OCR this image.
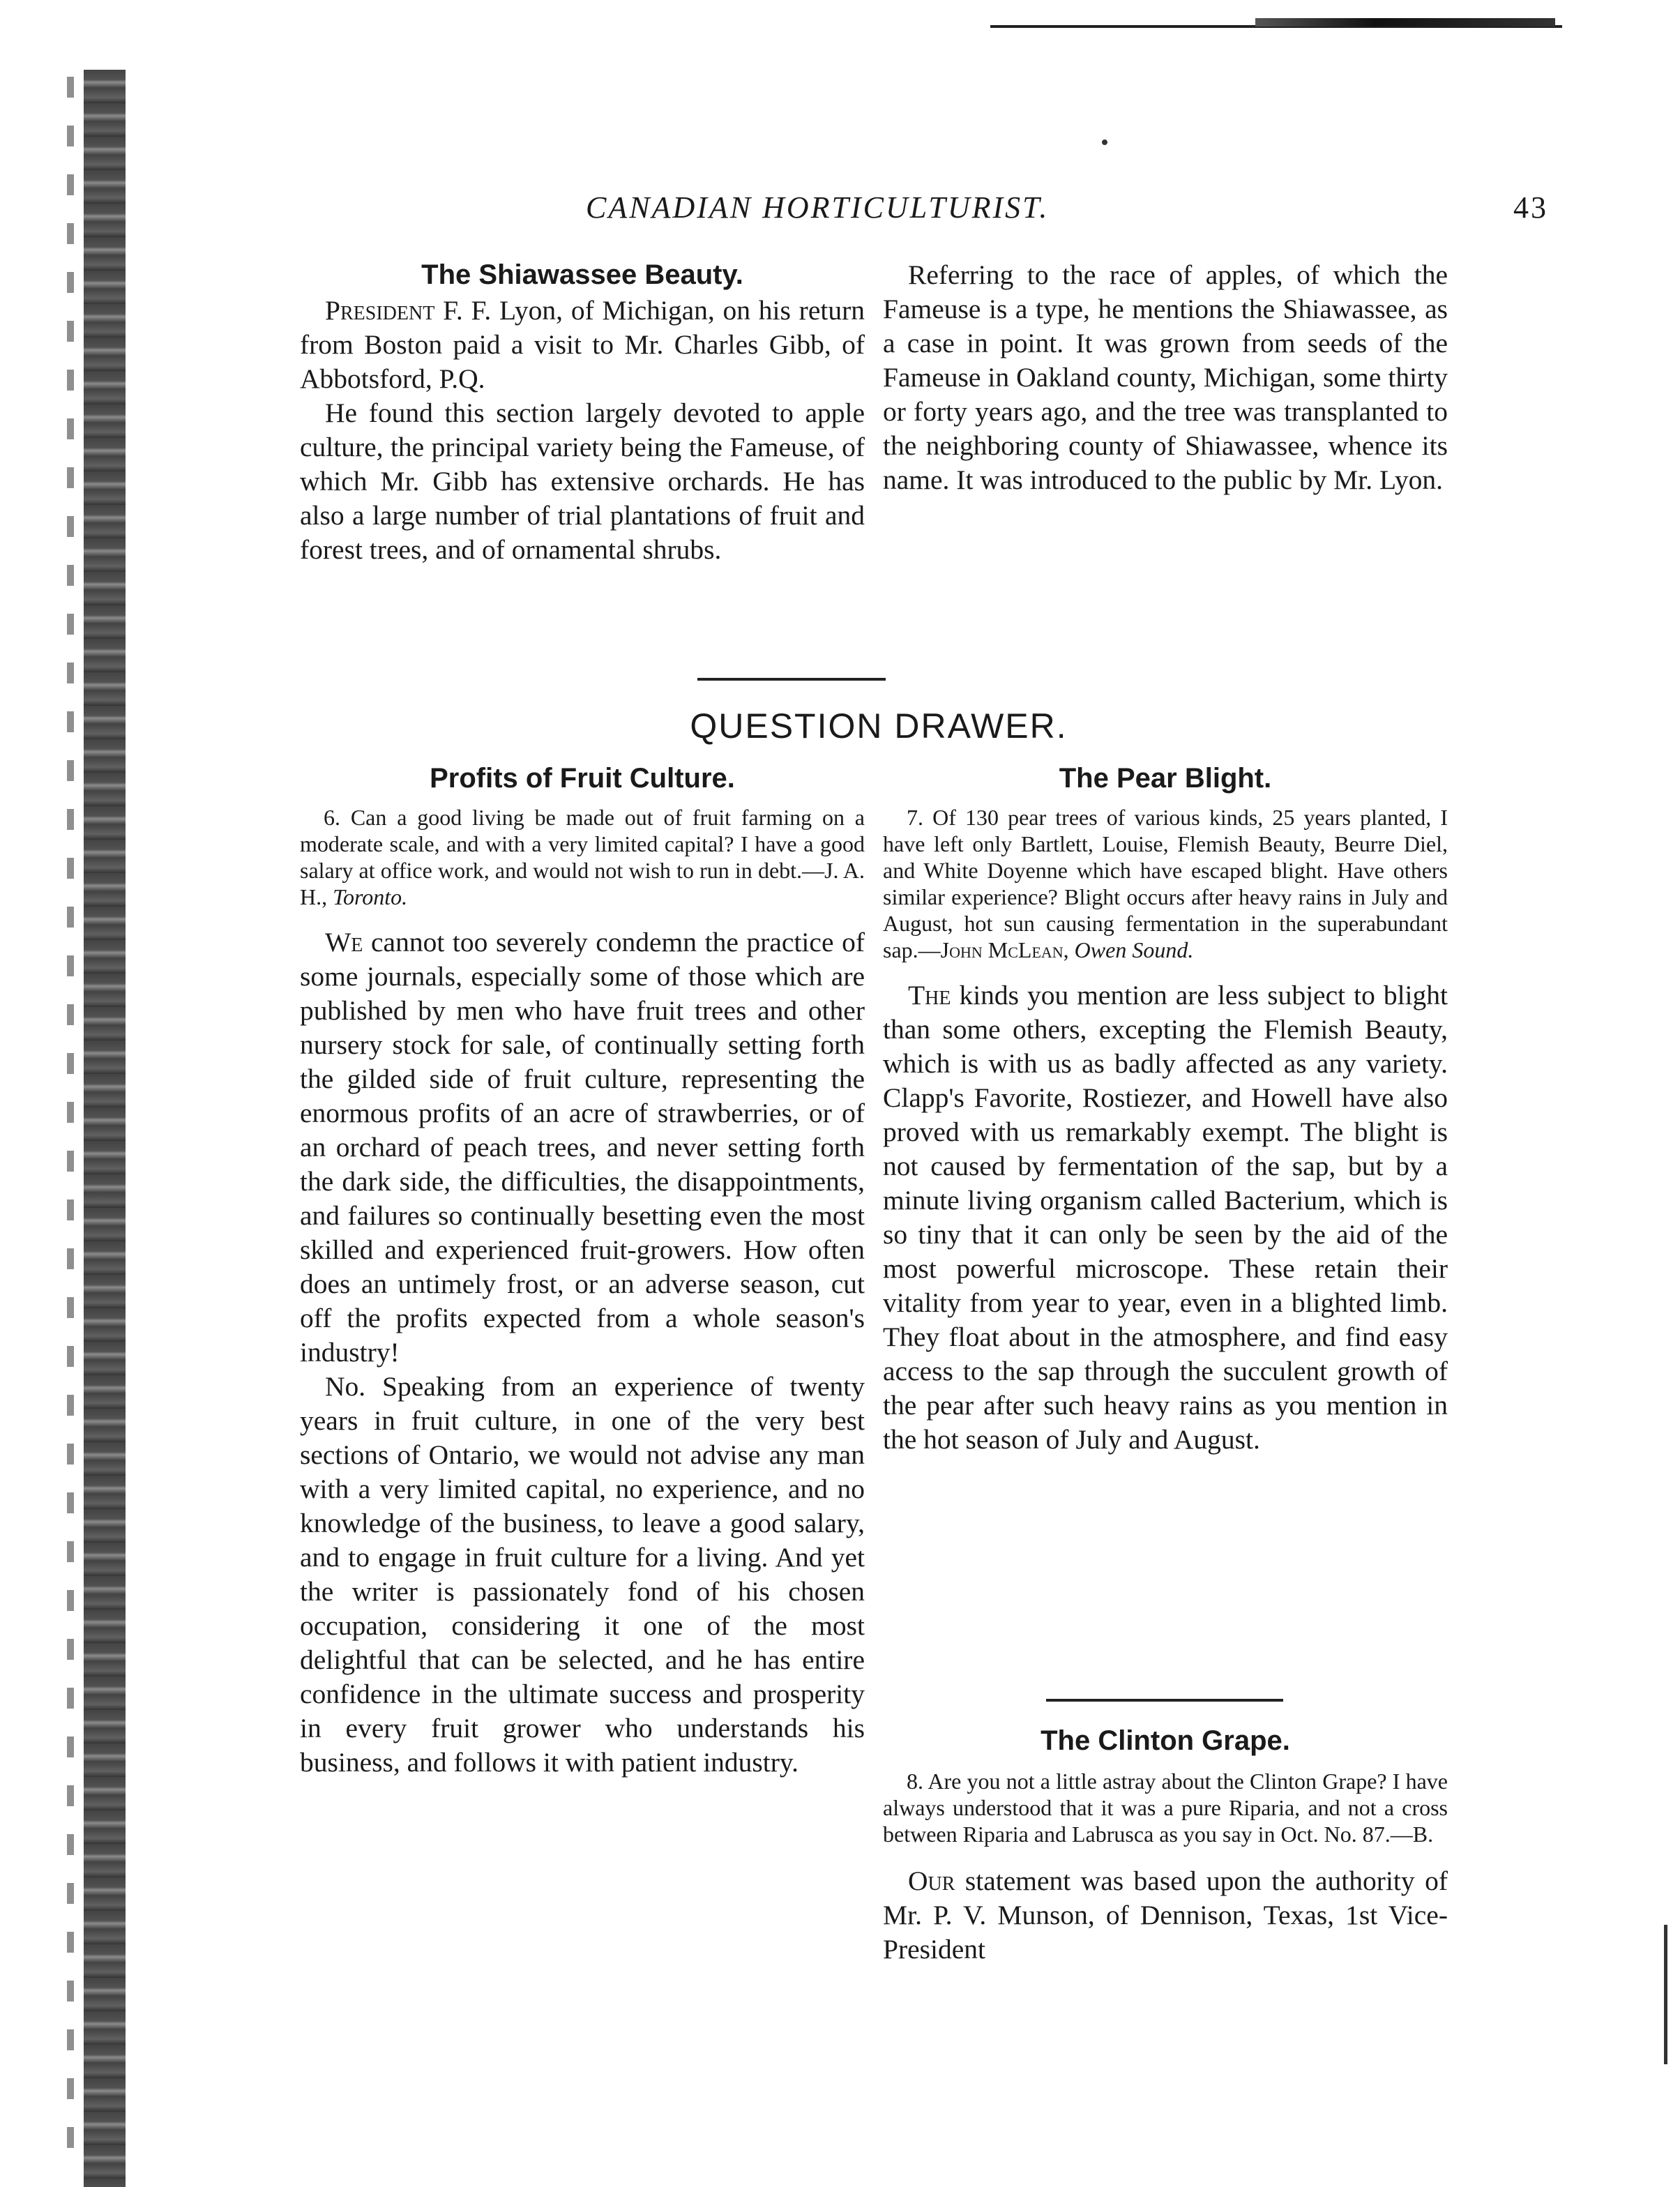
CANADIAN HORTICULTURIST.	43
The Shiawassee Beauty.

President F. F. Lyon, of Michigan, on his return from Boston paid a visit to Mr. Charles Gibb, of Abbotsford, P.Q.

He found this section largely devoted to apple culture, the principal variety being the Fameuse, of which Mr. Gibb has extensive orchards. He has also a large number of trial plantations of fruit and forest trees, and of ornamental shrubs.

Referring to the race of apples, of which the Fameuse is a type, he mentions the Shiawassee, as a case in point. It was grown from seeds of the Fameuse in Oakland county, Michigan, some thirty or forty years ago, and the tree was transplanted to the neighboring county of Shiawassee, whence its name. It was introduced to the public by Mr. Lyon.

QUESTION DRAWER.
Profits of Fruit Culture.

6. Can a good living be made out of fruit farming on a moderate scale, and with a very limited capital? I have a good salary at office work, and would not wish to run in debt.—J. A. H., Toronto.

We cannot too severely condemn the practice of some journals, especially some of those which are published by men who have fruit trees and other nursery stock for sale, of continually setting forth the gilded side of fruit culture, representing the enormous profits of an acre of strawberries, or of an orchard of peach trees, and never setting forth the dark side, the difficulties, the disappointments, and failures so continually besetting even the most skilled and experienced fruit-growers. How often does an untimely frost, or an adverse season, cut off the profits expected from a whole season's industry!

No. Speaking from an experience of twenty years in fruit culture, in one of the very best sections of Ontario, we would not advise any man with a very limited capital, no experience, and no knowledge of the business, to leave a good salary, and to engage in fruit culture for a living. And yet the writer is passionately fond of his chosen occupation, considering it one of the most delightful that can be selected, and he has entire confidence in the ultimate success and prosperity in every fruit grower who understands his business, and follows it with patient industry.

The Pear Blight.

7. Of 130 pear trees of various kinds, 25 years planted, I have left only Bartlett, Louise, Flemish Beauty, Beurre Diel, and White Doyenne which have escaped blight. Have others similar experience? Blight occurs after heavy rains in July and August, hot sun causing fermentation in the superabundant sap.—John McLean, Owen Sound.

The kinds you mention are less subject to blight than some others, excepting the Flemish Beauty, which is with us as badly affected as any variety. Clapp's Favorite, Rostiezer, and Howell have also proved with us remarkably exempt. The blight is not caused by fermentation of the sap, but by a minute living organism called Bacterium, which is so tiny that it can only be seen by the aid of the most powerful microscope. These retain their vitality from year to year, even in a blighted limb. They float about in the atmosphere, and find easy access to the sap through the succulent growth of the pear after such heavy rains as you mention in the hot season of July and August.

The Clinton Grape.

8. Are you not a little astray about the Clinton Grape? I have always understood that it was a pure Riparia, and not a cross between Riparia and Labrusca as you say in Oct. No. 87.—B.

Our statement was based upon the authority of Mr. P. V. Munson, of Dennison, Texas, 1st Vice-President
